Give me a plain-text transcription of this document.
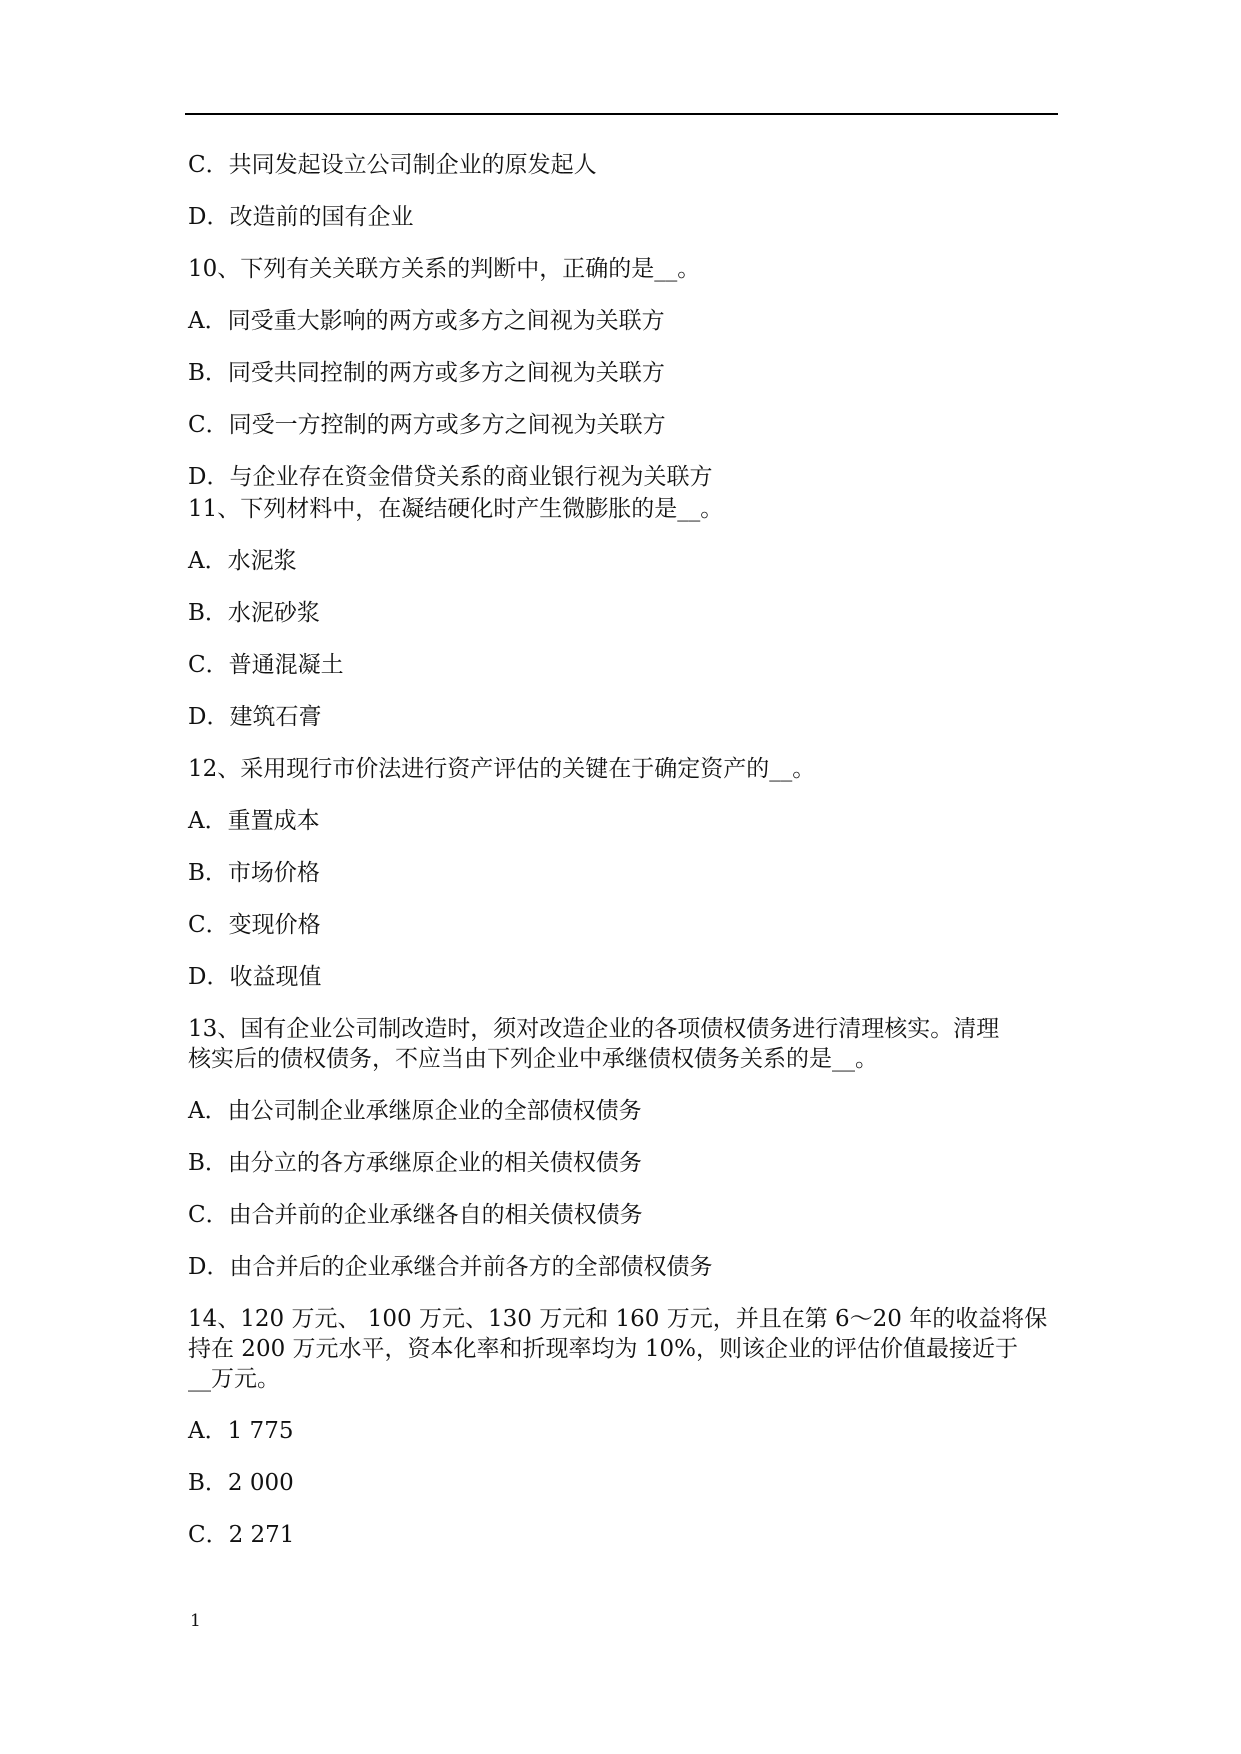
C．共同发起设立公司制企业的原发起人
D．改造前的国有企业
10、下列有关关联方关系的判断中，正确的是__。
A．同受重大影响的两方或多方之间视为关联方
B．同受共同控制的两方或多方之间视为关联方
C．同受一方控制的两方或多方之间视为关联方
D．与企业存在资金借贷关系的商业银行视为关联方
11、下列材料中，在凝结硬化时产生微膨胀的是__。
A．水泥浆
B．水泥砂浆
C．普通混凝土
D．建筑石膏
12、采用现行市价法进行资产评估的关键在于确定资产的__。
A．重置成本
B．市场价格
C．变现价格
D．收益现值
13、国有企业公司制改造时，须对改造企业的各项债权债务进行清理核实。清理
核实后的债权债务，不应当由下列企业中承继债权债务关系的是__。
A．由公司制企业承继原企业的全部债权债务
B．由分立的各方承继原企业的相关债权债务
C．由合并前的企业承继各自的相关债权债务
D．由合并后的企业承继合并前各方的全部债权债务
14、120 万元、 100 万元、130 万元和 160 万元，并且在第 6～20 年的收益将保
持在 200 万元水平，资本化率和折现率均为 10%，则该企业的评估价值最接近于
__万元。
A．1 775
B．2 000
C．2 271
1
